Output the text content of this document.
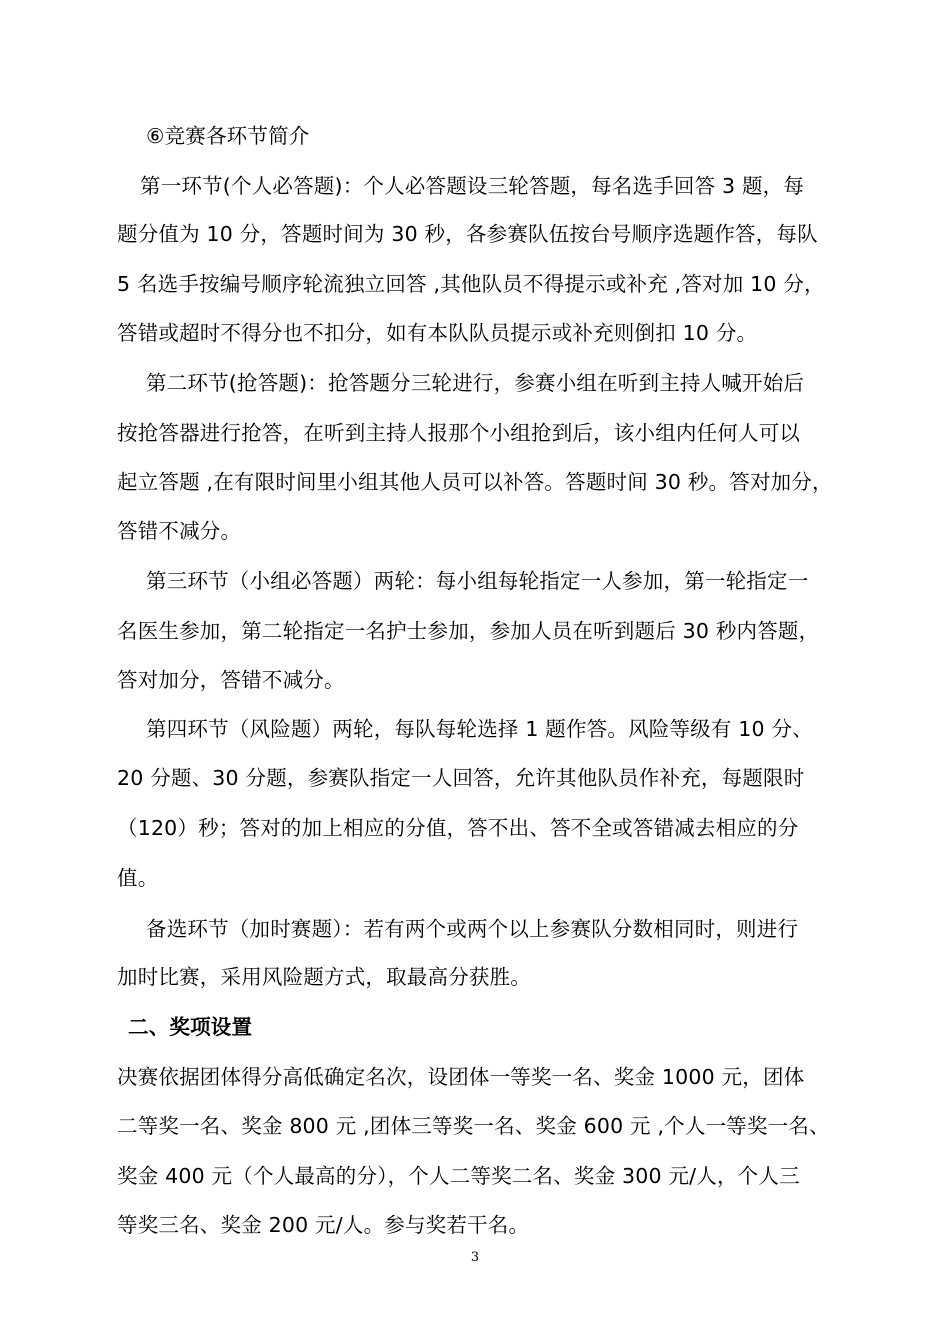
⑥竞赛各环节简介
第一环节(个人必答题)：个人必答题设三轮答题，每名选手回答 3 题，每
题分值为 10 分，答题时间为 30 秒，各参赛队伍按台号顺序选题作答，每队
5 名选手按编号顺序轮流独立回答 ,其他队员不得提示或补充 ,答对加 10 分，
答错或超时不得分也不扣分，如有本队队员提示或补充则倒扣 10 分。
第二环节(抢答题)：抢答题分三轮进行，参赛小组在听到主持人喊开始后
按抢答器进行抢答，在听到主持人报那个小组抢到后，该小组内任何人可以
起立答题 ,在有限时间里小组其他人员可以补答。答题时间 30 秒。答对加分，
答错不减分。
第三环节（小组必答题）两轮：每小组每轮指定一人参加，第一轮指定一
名医生参加，第二轮指定一名护士参加，参加人员在听到题后 30 秒内答题，
答对加分，答错不减分。
第四环节（风险题）两轮，每队每轮选择 1 题作答。风险等级有 10 分、
20 分题、30 分题，参赛队指定一人回答，允许其他队员作补充，每题限时
（120）秒；答对的加上相应的分值，答不出、答不全或答错减去相应的分
值。
备选环节（加时赛题）：若有两个或两个以上参赛队分数相同时，则进行
加时比赛，采用风险题方式，取最高分获胜。
二、奖项设置
决赛依据团体得分高低确定名次，设团体一等奖一名、奖金 1000 元，团体
二等奖一名、奖金 800 元 ,团体三等奖一名、奖金 600 元 ,个人一等奖一名、
奖金 400 元（个人最高的分），个人二等奖二名、奖金 300 元/人，个人三
等奖三名、奖金 200 元/人。参与奖若干名。
3
